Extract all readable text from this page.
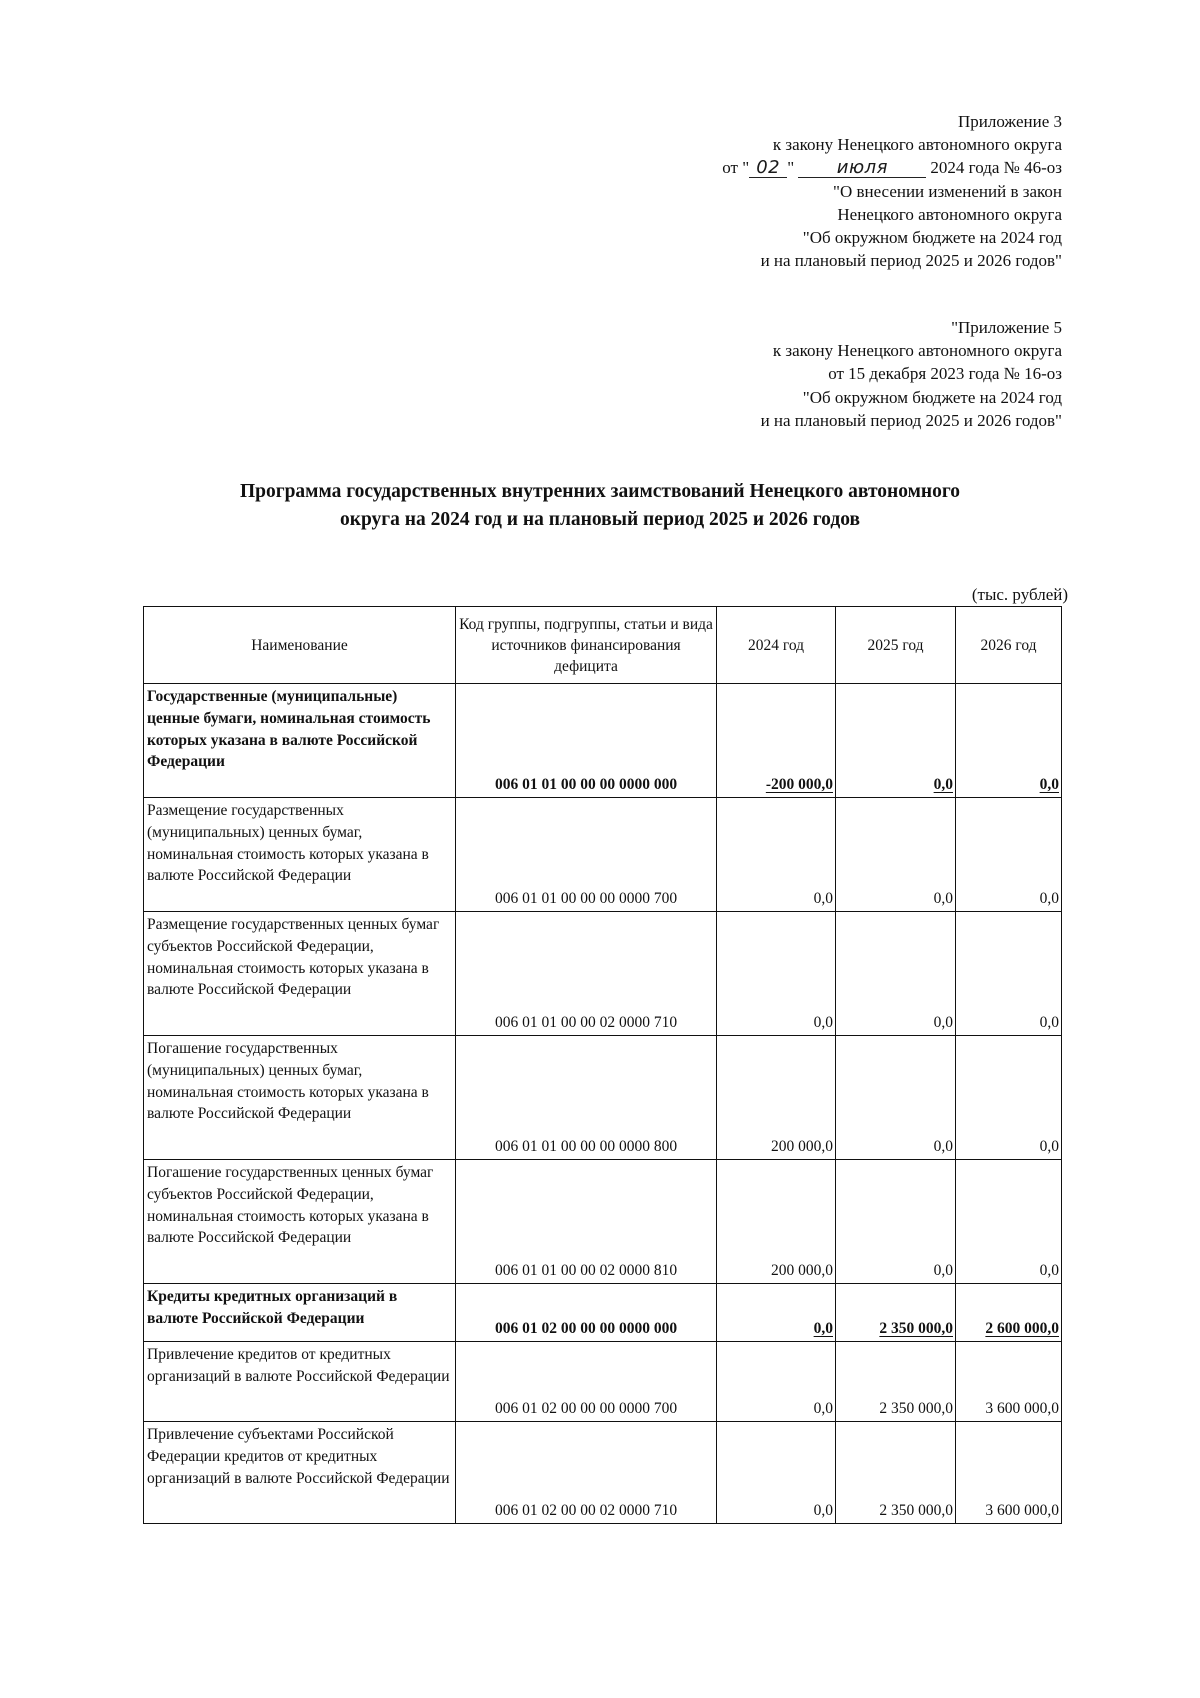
Приложение 3
к закону Ненецкого автономного округа
от " 02 " июля 2024 года № 46-оз
"О внесении изменений в закон
Ненецкого автономного округа
"Об окружном бюджете на 2024 год
и на плановый период 2025 и 2026 годов"
"Приложение 5
к закону Ненецкого автономного округа
от 15 декабря 2023 года № 16-оз
"Об окружном бюджете на 2024 год
и на плановый период 2025 и 2026 годов"
Программа государственных внутренних заимствований Ненецкого автономного
округа на 2024 год и на плановый период 2025 и 2026 годов
(тыс. рублей)
Наименование	Код группы, подгруппы, статьи и вида источников финансирования дефицита	2024 год	2025 год	2026 год
Государственные (муниципальные) ценные бумаги, номинальная стоимость которых указана в валюте Российской Федерации	006 01 01 00 00 00 0000 000	-200 000,0	0,0	0,0
Размещение государственных (муниципальных) ценных бумаг, номинальная стоимость которых указана в валюте Российской Федерации	006 01 01 00 00 00 0000 700	0,0	0,0	0,0
Размещение государственных ценных бумаг субъектов Российской Федерации, номинальная стоимость которых указана в валюте Российской Федерации	006 01 01 00 00 02 0000 710	0,0	0,0	0,0
Погашение государственных (муниципальных) ценных бумаг, номинальная стоимость которых указана в валюте Российской Федерации	006 01 01 00 00 00 0000 800	200 000,0	0,0	0,0
Погашение государственных ценных бумаг субъектов Российской Федерации, номинальная стоимость которых указана в валюте Российской Федерации	006 01 01 00 00 02 0000 810	200 000,0	0,0	0,0
Кредиты кредитных организаций в валюте Российской Федерации	006 01 02 00 00 00 0000 000	0,0	2 350 000,0	2 600 000,0
Привлечение кредитов от кредитных организаций в валюте Российской Федерации	006 01 02 00 00 00 0000 700	0,0	2 350 000,0	3 600 000,0
Привлечение субъектами Российской Федерации кредитов от кредитных организаций в валюте Российской Федерации	006 01 02 00 00 02 0000 710	0,0	2 350 000,0	3 600 000,0
